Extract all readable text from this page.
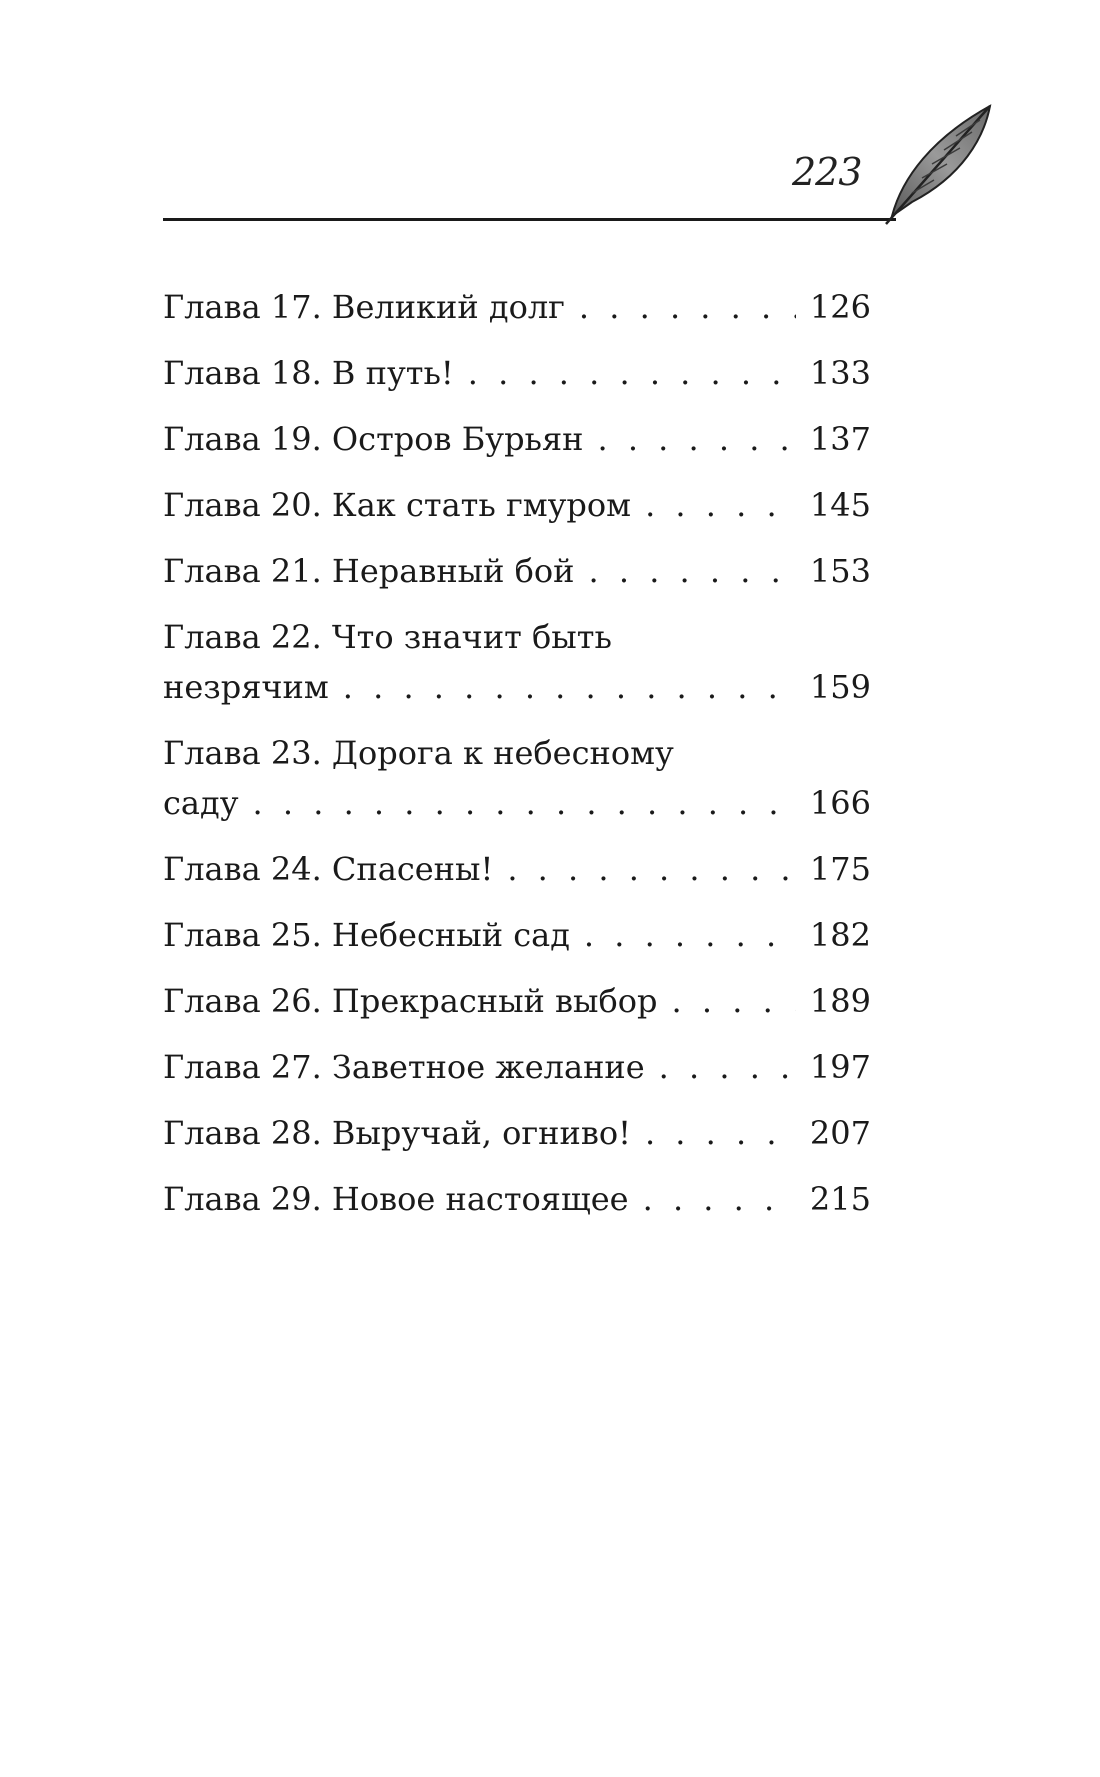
223
Глава 17. Великий долг . . .	126
Глава 18. В путь! . . .	133
Глава 19. Остров Бурьян . . .	137
Глава 20. Как стать гмуром . . .	145
Глава 21. Неравный бой . . .	153
Глава 22. Что значит быть
незрячим . . .	159
Глава 23. Дорога к небесному
саду . . .	166
Глава 24. Спасены! . . .	175
Глава 25. Небесный сад . . .	182
Глава 26. Прекрасный выбор . . .	189
Глава 27. Заветное желание . . .	197
Глава 28. Выручай, огниво! . . .	207
Глава 29. Новое настоящее . . .	215
